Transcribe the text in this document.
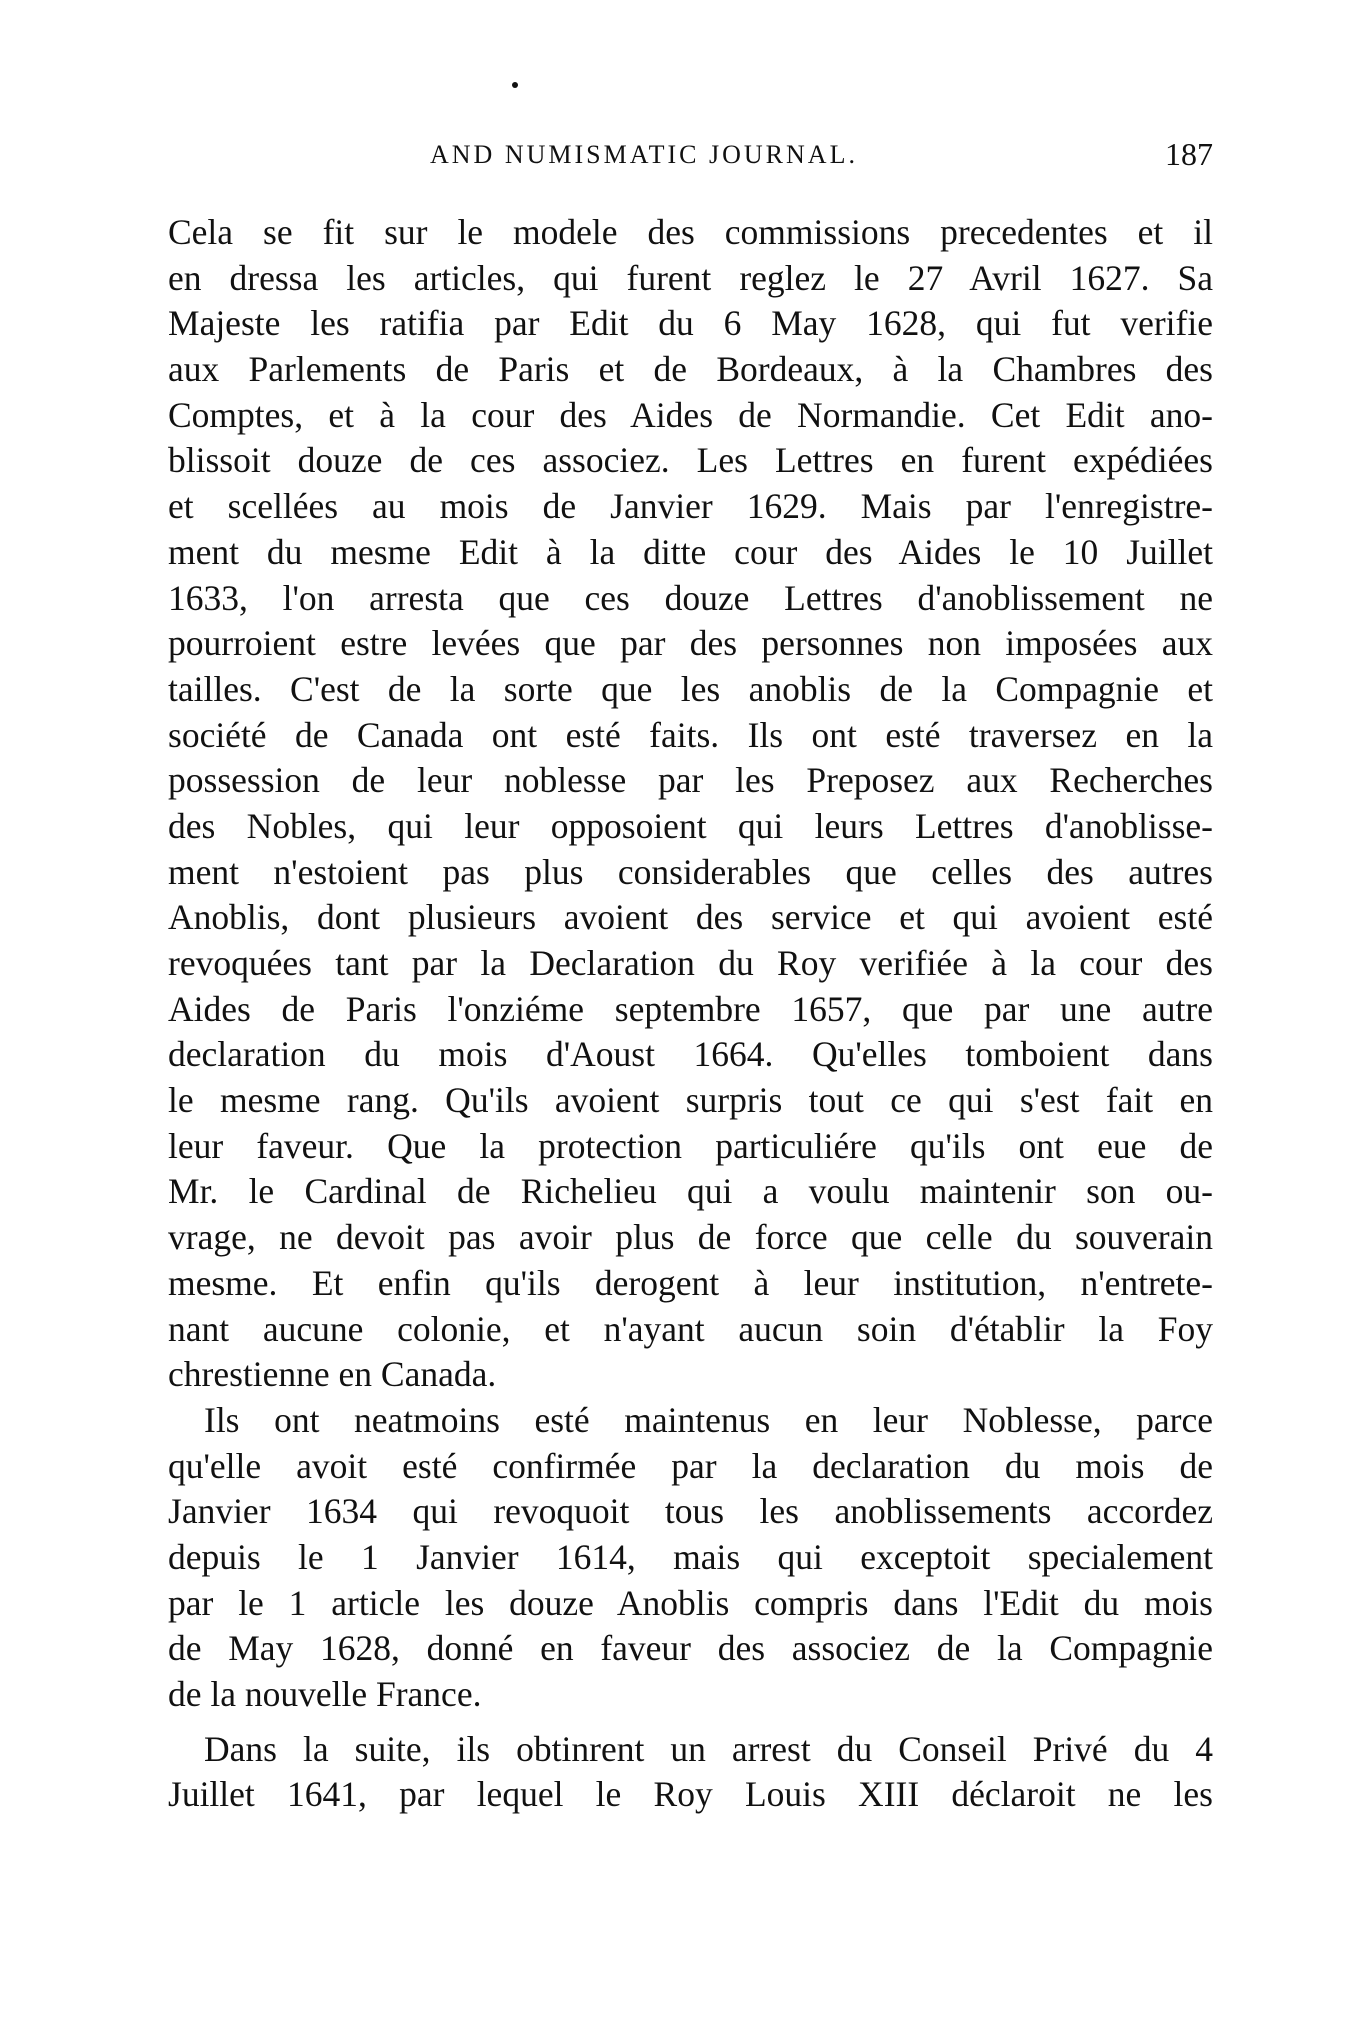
AND NUMISMATIC JOURNAL.	187
Cela se fit sur le modele des commissions precedentes et il
en dressa les articles, qui furent reglez le 27 Avril 1627. Sa
Majeste les ratifia par Edit du 6 May 1628, qui fut verifie
aux Parlements de Paris et de Bordeaux, à la Chambres des
Comptes, et à la cour des Aides de Normandie. Cet Edit ano-
blissoit douze de ces associez. Les Lettres en furent expédiées
et scellées au mois de Janvier 1629. Mais par l'enregistre-
ment du mesme Edit à la ditte cour des Aides le 10 Juillet
1633, l'on arresta que ces douze Lettres d'anoblissement ne
pourroient estre levées que par des personnes non imposées aux
tailles. C'est de la sorte que les anoblis de la Compagnie et
société de Canada ont esté faits. Ils ont esté traversez en la
possession de leur noblesse par les Preposez aux Recherches
des Nobles, qui leur opposoient qui leurs Lettres d'anoblisse-
ment n'estoient pas plus considerables que celles des autres
Anoblis, dont plusieurs avoient des service et qui avoient esté
revoquées tant par la Declaration du Roy verifiée à la cour des
Aides de Paris l'onziéme septembre 1657, que par une autre
declaration du mois d'Aoust 1664. Qu'elles tomboient dans
le mesme rang. Qu'ils avoient surpris tout ce qui s'est fait en
leur faveur. Que la protection particuliére qu'ils ont eue de
Mr. le Cardinal de Richelieu qui a voulu maintenir son ou-
vrage, ne devoit pas avoir plus de force que celle du souverain
mesme. Et enfin qu'ils derogent à leur institution, n'entrete-
nant aucune colonie, et n'ayant aucun soin d'établir la Foy
chrestienne en Canada.
Ils ont neatmoins esté maintenus en leur Noblesse, parce
qu'elle avoit esté confirmée par la declaration du mois de
Janvier 1634 qui revoquoit tous les anoblissements accordez
depuis le 1 Janvier 1614, mais qui exceptoit specialement
par le 1 article les douze Anoblis compris dans l'Edit du mois
de May 1628, donné en faveur des associez de la Compagnie
de la nouvelle France.
Dans la suite, ils obtinrent un arrest du Conseil Privé du 4
Juillet 1641, par lequel le Roy Louis XIII déclaroit ne les
